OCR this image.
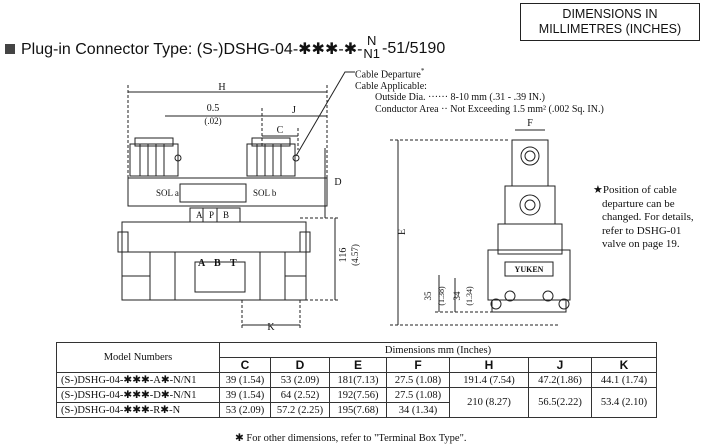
DIMENSIONS IN
MILLIMETRES (INCHES)
Plug-in Connector Type: (S-)DSHG-04-✱✱✱-✱-
N
N1 -51/5190
Cable Departure*
Cable Applicable:
Outside Dia. ······ 8-10 mm (.31 - .39 IN.)
Conductor Area ·· Not Exceeding 1.5 mm² (.002 Sq. IN.)
H
0.5
(.02)
J
C
D
SOL a	SOL b
A P B
A B T
K
F
E
116 (4.57)
35 (1.38) 34 (1.34)
YUKEN
★Position of cable
departure can be
changed. For details,
refer to DSHG-01
valve on page 19.
Model Numbers	Dimensions mm (Inches)						
	C	D	E	F	H	J	K
(S-)DSHG-04-✱✱✱-A✱-N/N1	39 (1.54)	53 (2.09)	181(7.13)	27.5 (1.08)	191.4 (7.54)	47.2(1.86)	44.1 (1.74)
(S-)DSHG-04-✱✱✱-D✱-N/N1	39 (1.54)	64 (2.52)	192(7.56)	27.5 (1.08)	210 (8.27)	56.5(2.22)	53.4 (2.10)
(S-)DSHG-04-✱✱✱-R✱-N	53 (2.09)	57.2 (2.25)	195(7.68)	34 (1.34)			
✱ For other dimensions, refer to "Terminal Box Type".
